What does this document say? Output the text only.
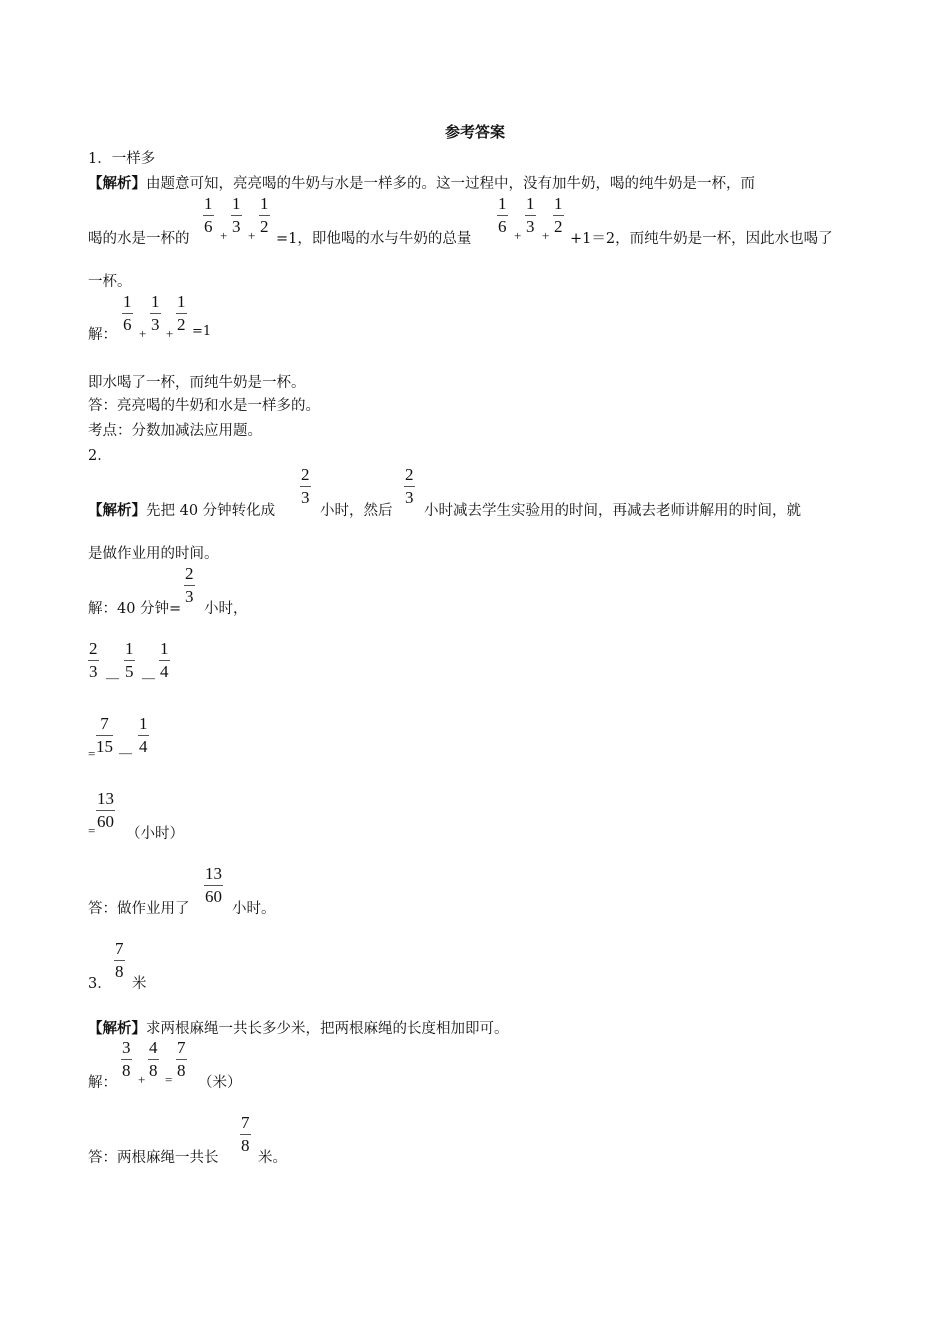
参考答案
1．一样多
【解析】由题意可知，亮亮喝的牛奶与水是一样多的。这一过程中，没有加牛奶，喝的纯牛奶是一杯，而
喝的水是一杯的
1
6 +
1
3 +
1
2
=1，即他喝的水与牛奶的总量
1
6 +
1
3 +
1
2
+1＝2，而纯牛奶是一杯，因此水也喝了
一杯。
解：
1
6 +
1
3 +
1
2 =1
即水喝了一杯，而纯牛奶是一杯。
答：亮亮喝的牛奶和水是一样多的。
考点：分数加减法应用题。
2．
【解析】先把 40 分钟转化成
2
3
小时，然后
2
3
小时减去学生实验用的时间，再减去老师讲解用的时间，就
是做作业用的时间。
解：40 分钟=
2
3
小时，
2
3 —
1
5 —
1
4
=
7
15 —
1
4
=
13
60
（小时）
答：做作业用了
13
60
小时。
3．
7
8
米
【解析】求两根麻绳一共长多少米，把两根麻绳的长度相加即可。
解：
3
8 +
4
8 =
7
8
（米）
答：两根麻绳一共长
7
8
米。
